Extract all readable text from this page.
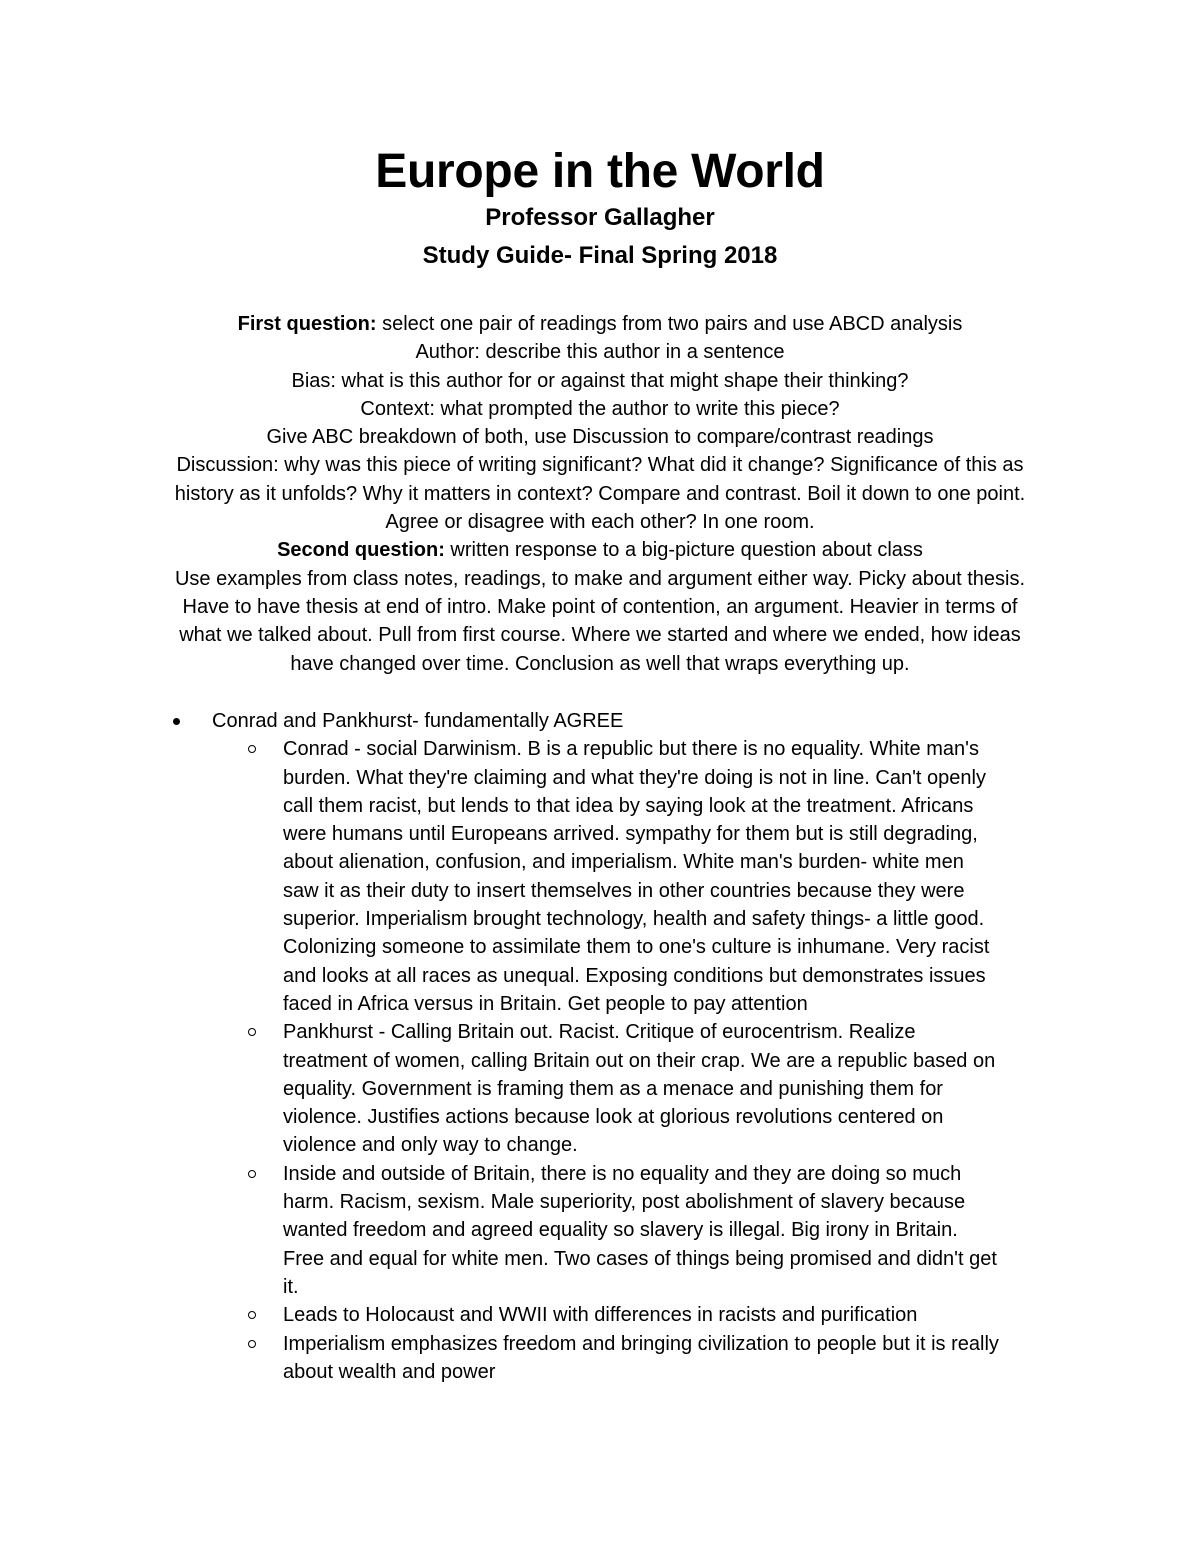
Europe in the World
Professor Gallagher
Study Guide- Final Spring 2018
First question: select one pair of readings from two pairs and use ABCD analysis
Author: describe this author in a sentence
Bias: what is this author for or against that might shape their thinking?
Context: what prompted the author to write this piece?
Give ABC breakdown of both, use Discussion to compare/contrast readings
Discussion: why was this piece of writing significant? What did it change? Significance of this as
history as it unfolds? Why it matters in context? Compare and contrast. Boil it down to one point.
Agree or disagree with each other? In one room.
Second question: written response to a big-picture question about class
Use examples from class notes, readings, to make and argument either way. Picky about thesis.
Have to have thesis at end of intro. Make point of contention, an argument. Heavier in terms of
what we talked about. Pull from first course. Where we started and where we ended, how ideas
have changed over time. Conclusion as well that wraps everything up.
Conrad and Pankhurst- fundamentally AGREE
Conrad - social Darwinism. B is a republic but there is no equality. White man's
burden. What they're claiming and what they're doing is not in line. Can't openly
call them racist, but lends to that idea by saying look at the treatment. Africans
were humans until Europeans arrived. sympathy for them but is still degrading,
about alienation, confusion, and imperialism. White man's burden- white men
saw it as their duty to insert themselves in other countries because they were
superior. Imperialism brought technology, health and safety things- a little good.
Colonizing someone to assimilate them to one's culture is inhumane. Very racist
and looks at all races as unequal. Exposing conditions but demonstrates issues
faced in Africa versus in Britain. Get people to pay attention
Pankhurst - Calling Britain out. Racist. Critique of eurocentrism. Realize
treatment of women, calling Britain out on their crap. We are a republic based on
equality. Government is framing them as a menace and punishing them for
violence. Justifies actions because look at glorious revolutions centered on
violence and only way to change.
Inside and outside of Britain, there is no equality and they are doing so much
harm. Racism, sexism. Male superiority, post abolishment of slavery because
wanted freedom and agreed equality so slavery is illegal. Big irony in Britain.
Free and equal for white men. Two cases of things being promised and didn't get
it.
Leads to Holocaust and WWII with differences in racists and purification
Imperialism emphasizes freedom and bringing civilization to people but it is really
about wealth and power
